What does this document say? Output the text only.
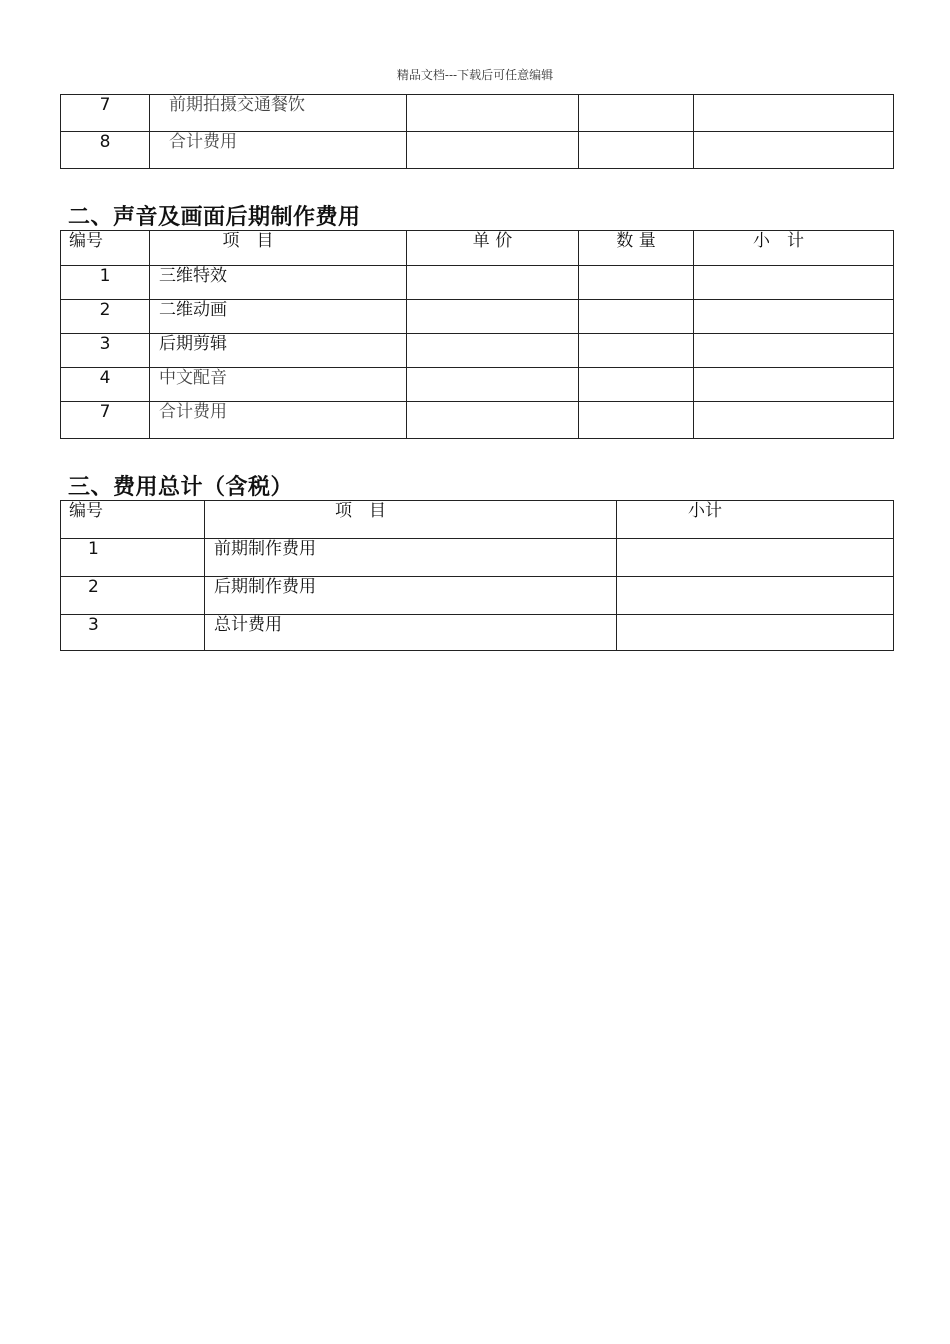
精品文档---下载后可任意编辑
7	前期拍摄交通餐饮			
8	合计费用			
二、声音及画面后期制作费用
编号	项　目	单 价	数 量	小　计
1	三维特效			
2	二维动画			
3	后期剪辑			
4	中文配音			
7	合计费用			
三、费用总计（含税）
编号	项　目	小计
1	前期制作费用	
2	后期制作费用	
3	总计费用	
